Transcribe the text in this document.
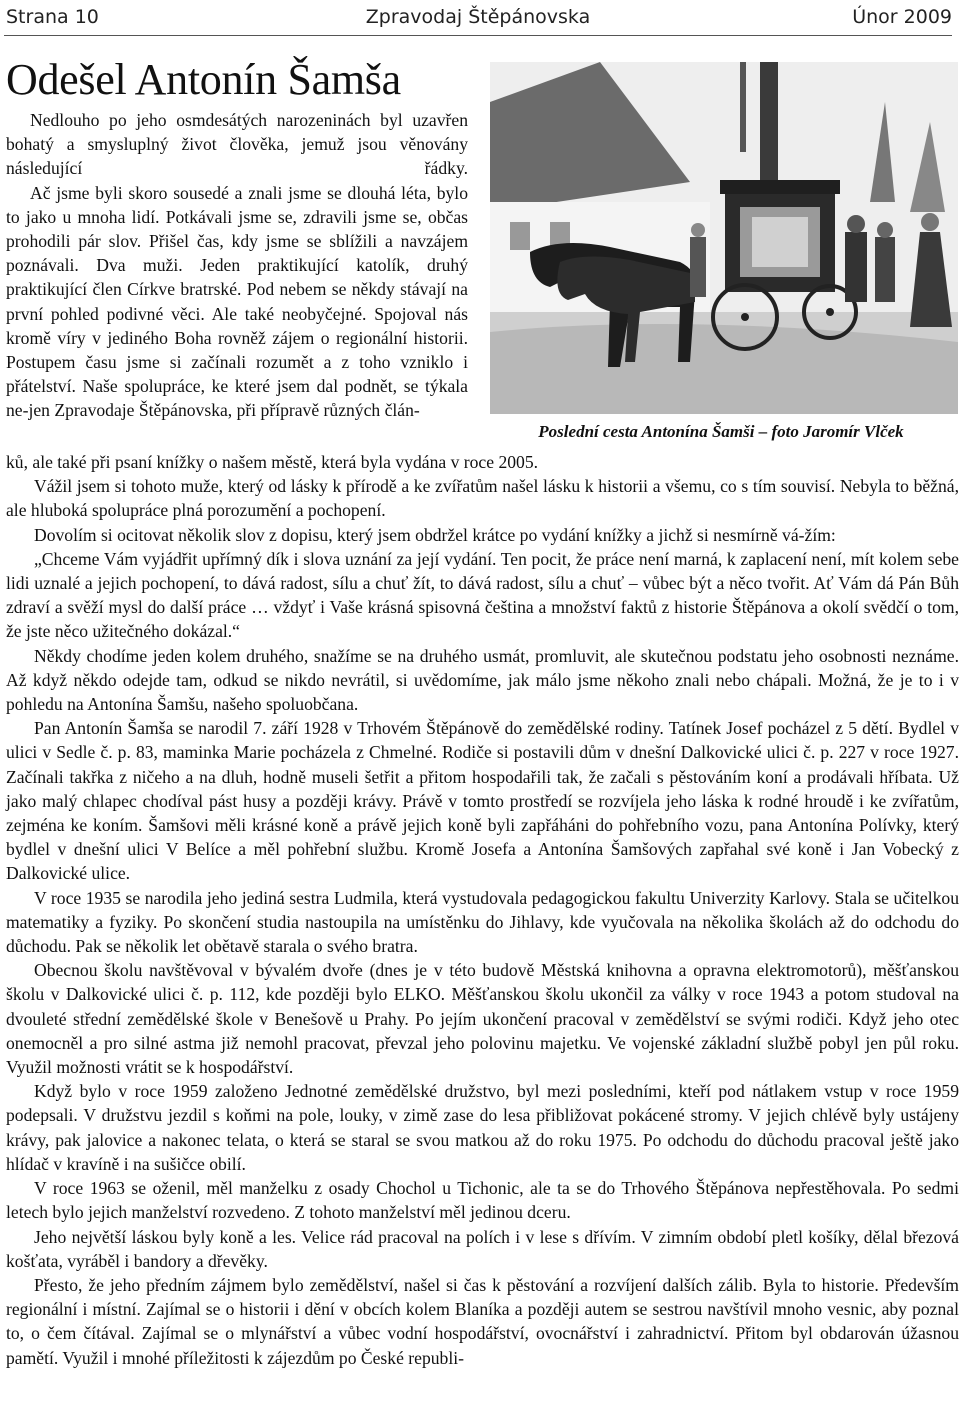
Strana 10	Zpravodaj Štěpánovska	Únor 2009
Odešel Antonín Šamša

Nedlouho po jeho osmdesátých narozeninách byl uzavřen bohatý a smysluplný život člověka, jemuž jsou věnovány následující řádky.

Ač jsme byli skoro sousedé a znali jsme se dlouhá léta, bylo to jako u mnoha lidí. Potkávali jsme se, zdravili jsme se, občas prohodili pár slov. Přišel čas, kdy jsme se sblížili a navzájem poznávali. Dva muži. Jeden praktikující katolík, druhý praktikující člen Církve bratrské. Pod nebem se někdy stávají na první pohled podivné věci. Ale také neobyčejné. Spojoval nás kromě víry v jediného Boha rovněž zájem o regionální historii. Postupem času jsme si začínali rozumět a z toho vzniklo i přátelství. Naše spolupráce, ke které jsem dal podnět, se týkala ne-jen Zpravodaje Štěpánovska, při přípravě různých člán-

Poslední cesta Antonína Šamši – foto Jaromír Vlček

ků, ale také při psaní knížky o našem městě, která byla vydána v roce 2005.

Vážil jsem si tohoto muže, který od lásky k přírodě a ke zvířatům našel lásku k historii a všemu, co s tím souvisí. Nebyla to běžná, ale hluboká spolupráce plná porozumění a pochopení.

Dovolím si ocitovat několik slov z dopisu, který jsem obdržel krátce po vydání knížky a jichž si nesmírně vá-žím:

„Chceme Vám vyjádřit upřímný dík i slova uznání za její vydání. Ten pocit, že práce není marná, k zaplacení není, mít kolem sebe lidi uznalé a jejich pochopení, to dává radost, sílu a chuť žít, to dává radost, sílu a chuť – vůbec být a něco tvořit. Ať Vám dá Pán Bůh zdraví a svěží mysl do další práce … vždyť i Vaše krásná spisovná čeština a množství faktů z historie Štěpánova a okolí svědčí o tom, že jste něco užitečného dokázal.“

Někdy chodíme jeden kolem druhého, snažíme se na druhého usmát, promluvit, ale skutečnou podstatu jeho osobnosti neznáme. Až když někdo odejde tam, odkud se nikdo nevrátil, si uvědomíme, jak málo jsme někoho znali nebo chápali. Možná, že je to i v pohledu na Antonína Šamšu, našeho spoluobčana.

Pan Antonín Šamša se narodil 7. září 1928 v Trhovém Štěpánově do zemědělské rodiny. Tatínek Josef pocházel z 5 dětí. Bydlel v ulici v Sedle č. p. 83, maminka Marie pocházela z Chmelné. Rodiče si postavili dům v dnešní Dalkovické ulici č. p. 227 v roce 1927. Začínali takřka z ničeho a na dluh, hodně museli šetřit a přitom hospodařili tak, že začali s pěstováním koní a prodávali hříbata. Už jako malý chlapec chodíval pást husy a později krávy. Právě v tomto prostředí se rozvíjela jeho láska k rodné hroudě i ke zvířatům, zejména ke koním. Šamšovi měli krásné koně a právě jejich koně byli zapřáháni do pohřebního vozu, pana Antonína Polívky, který bydlel v dnešní ulici V Belíce a měl pohřební službu. Kromě Josefa a Antonína Šamšových zapřahal své koně i Jan Vobecký z Dalkovické ulice.

V roce 1935 se narodila jeho jediná sestra Ludmila, která vystudovala pedagogickou fakultu Univerzity Karlovy. Stala se učitelkou matematiky a fyziky. Po skončení studia nastoupila na umístěnku do Jihlavy, kde vyučovala na několika školách až do odchodu do důchodu. Pak se několik let obětavě starala o svého bratra.

Obecnou školu navštěvoval v bývalém dvoře (dnes je v této budově Městská knihovna a opravna elektromotorů), měšťanskou školu v Dalkovické ulici č. p. 112, kde později bylo ELKO. Měšťanskou školu ukončil za války v roce 1943 a potom studoval na dvouleté střední zemědělské škole v Benešově u Prahy. Po jejím ukončení pracoval v zemědělství se svými rodiči. Když jeho otec onemocněl a pro silné astma již nemohl pracovat, převzal jeho polovinu majetku. Ve vojenské základní službě pobyl jen půl roku. Využil možnosti vrátit se k hospodářství.

Když bylo v roce 1959 založeno Jednotné zemědělské družstvo, byl mezi posledními, kteří pod nátlakem vstup v roce 1959 podepsali. V družstvu jezdil s koňmi na pole, louky, v zimě zase do lesa přibližovat pokácené stromy. V jejich chlévě byly ustájeny krávy, pak jalovice a nakonec telata, o která se staral se svou matkou až do roku 1975. Po odchodu do důchodu pracoval ještě jako hlídač v kravíně i na sušičce obilí.

V roce 1963 se oženil, měl manželku z osady Chochol u Tichonic, ale ta se do Trhového Štěpánova nepřestěhovala. Po sedmi letech bylo jejich manželství rozvedeno. Z tohoto manželství měl jedinou dceru.

Jeho největší láskou byly koně a les. Velice rád pracoval na polích i v lese s dřívím. V zimním období pletl košíky, dělal březová košťata, vyráběl i bandory a dřevěky.

Přesto, že jeho předním zájmem bylo zemědělství, našel si čas k pěstování a rozvíjení dalších zálib. Byla to historie. Především regionální i místní. Zajímal se o historii i dění v obcích kolem Blaníka a později autem se sestrou navštívil mnoho vesnic, aby poznal to, o čem čítával. Zajímal se o mlynářství a vůbec vodní hospodářství, ovocnářství i zahradnictví. Přitom byl obdarován úžasnou pamětí. Využil i mnohé příležitosti k zájezdům po České republi-
